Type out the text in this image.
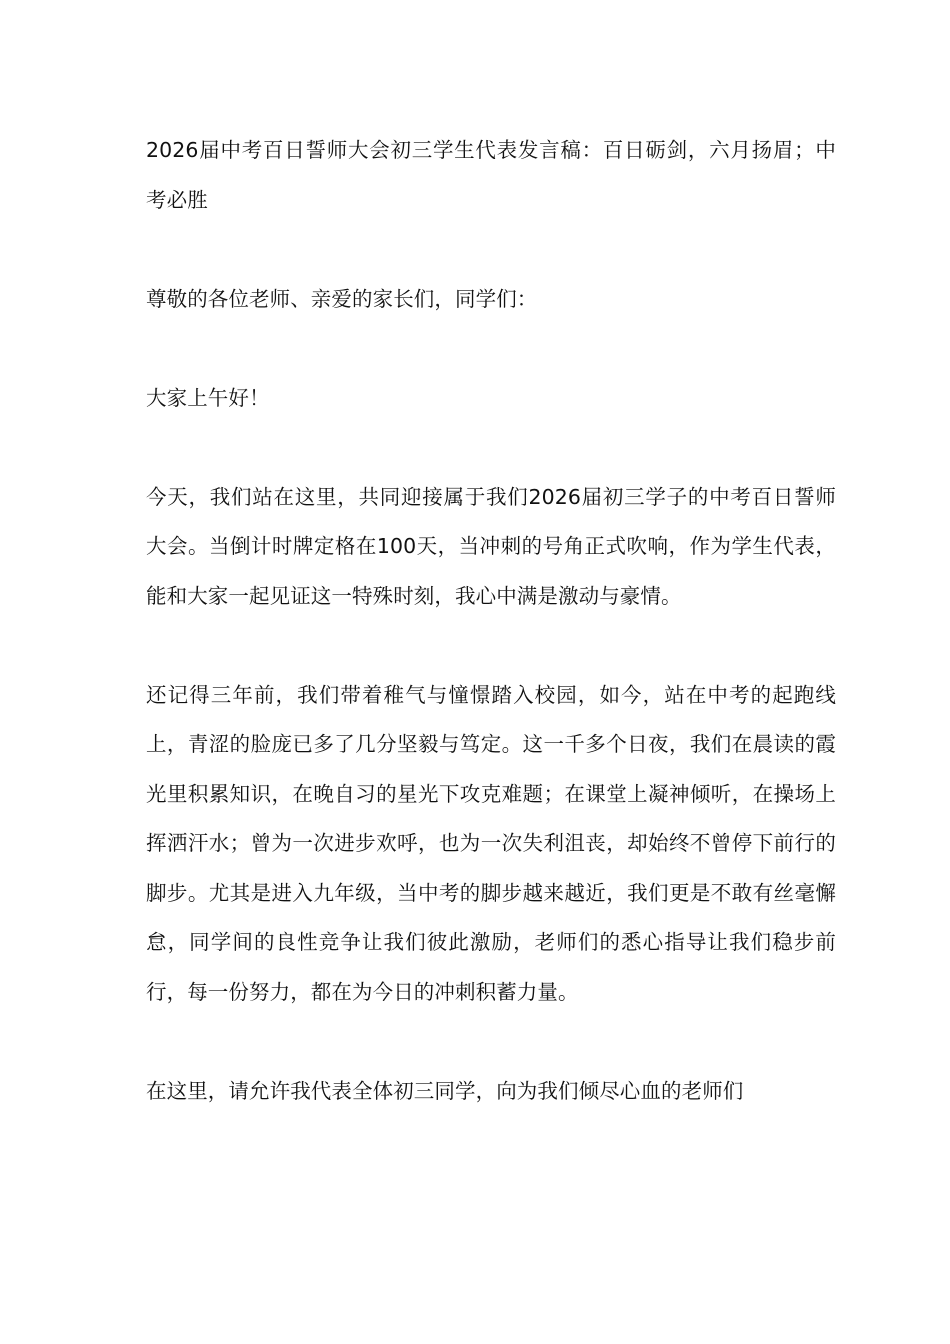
2026届中考百日誓师大会初三学生代表发言稿：百日砺剑，六月扬眉；中考必胜

尊敬的各位老师、亲爱的家长们，同学们：

大家上午好！

今天，我们站在这里，共同迎接属于我们2026届初三学子的中考百日誓师大会。当倒计时牌定格在100天，当冲刺的号角正式吹响，作为学生代表，能和大家一起见证这一特殊时刻，我心中满是激动与豪情。

还记得三年前，我们带着稚气与憧憬踏入校园，如今，站在中考的起跑线上，青涩的脸庞已多了几分坚毅与笃定。这一千多个日夜，我们在晨读的霞光里积累知识，在晚自习的星光下攻克难题；在课堂上凝神倾听，在操场上挥洒汗水；曾为一次进步欢呼，也为一次失利沮丧，却始终不曾停下前行的脚步。尤其是进入九年级，当中考的脚步越来越近，我们更是不敢有丝毫懈怠，同学间的良性竞争让我们彼此激励，老师们的悉心指导让我们稳步前行，每一份努力，都在为今日的冲刺积蓄力量。

在这里，请允许我代表全体初三同学，向为我们倾尽心血的老师们
